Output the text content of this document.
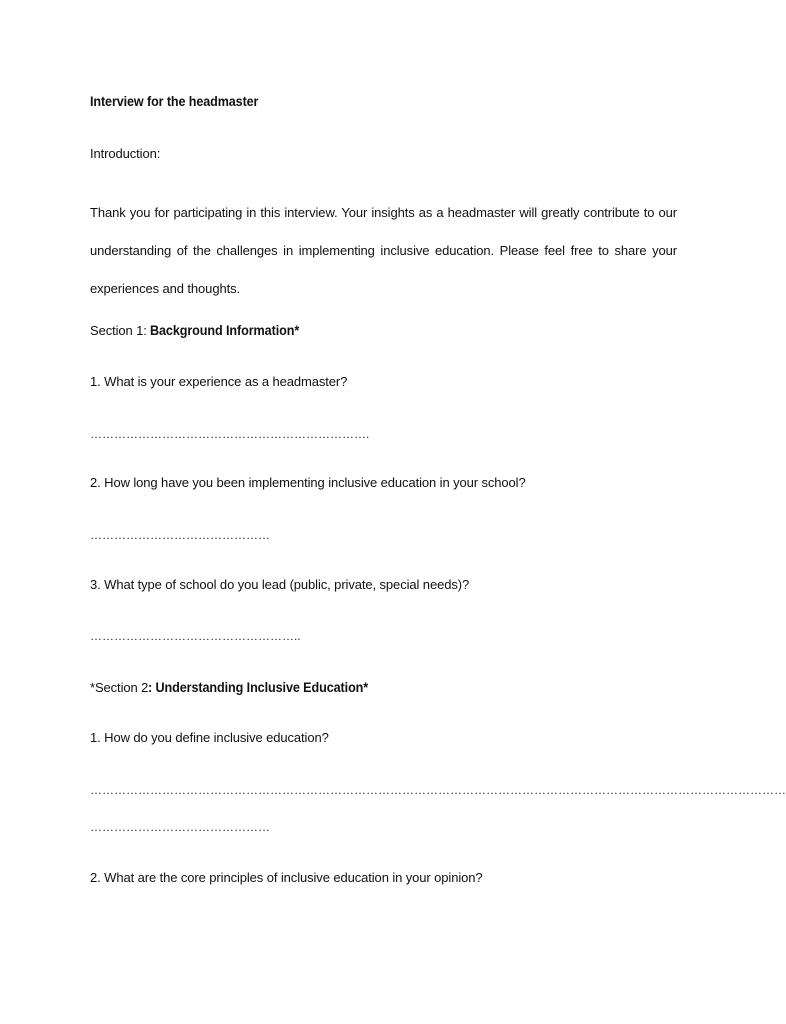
Interview for the headmaster
Introduction:
Thank you for participating in this interview. Your insights as a headmaster will greatly contribute to our understanding of the challenges in implementing inclusive education. Please feel free to share your experiences and thoughts.
Section 1: Background Information*
1. What is your experience as a headmaster?
…………………………………………………………….
2. How long have you been implementing inclusive education in your school?
………………………………………
3. What type of school do you lead (public, private, special needs)?
……………………………………………..
*Section 2: Understanding Inclusive Education*
1. How do you define inclusive education?
…………………………………………………………………………………………………………………………………………………………
………………………………………
2. What are the core principles of inclusive education in your opinion?
